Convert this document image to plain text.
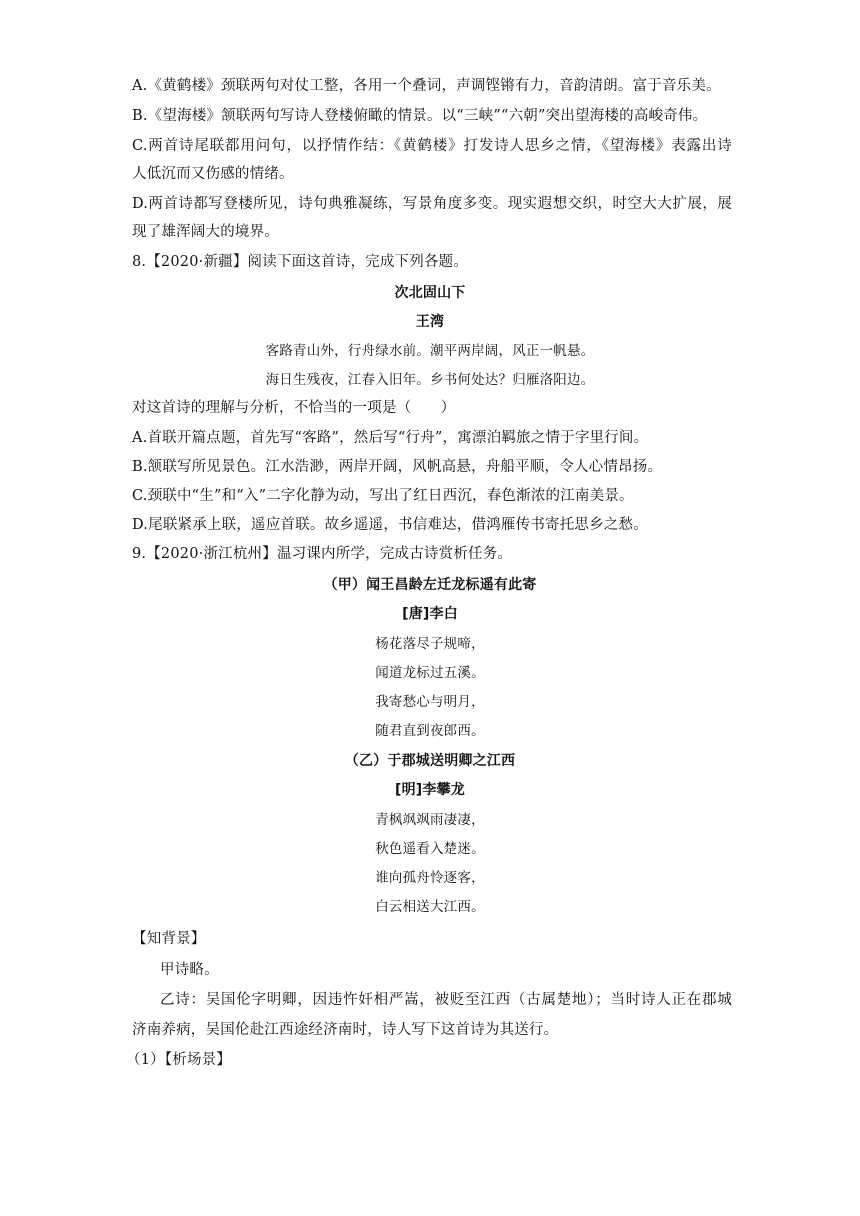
A.《黄鹤楼》颈联两句对仗工整，各用一个叠词，声调铿锵有力，音韵清朗。富于音乐美。
B.《望海楼》颔联两句写诗人登楼俯瞰的情景。以“三峡”“六朝”突出望海楼的高峻奇伟。
C.两首诗尾联都用问句，以抒情作结：《黄鹤楼》打发诗人思乡之情，《望海楼》表露出诗
人低沉而又伤感的情绪。
D.两首诗都写登楼所见，诗句典雅凝练，写景角度多变。现实遐想交织，时空大大扩展，展
现了雄浑阔大的境界。
8.【2020·新疆】阅读下面这首诗，完成下列各题。
次北固山下
王湾
客路青山外，行舟绿水前。潮平两岸阔，风正一帆悬。
海日生残夜，江春入旧年。乡书何处达？归雁洛阳边。
对这首诗的理解与分析，不恰当的一项是（　　）
A.首联开篇点题，首先写“客路”，然后写“行舟”，寓漂泊羁旅之情于字里行间。
B.颔联写所见景色。江水浩渺，两岸开阔，风帆高悬，舟船平顺，令人心情昂扬。
C.颈联中“生”和“入”二字化静为动，写出了红日西沉，春色渐浓的江南美景。
D.尾联紧承上联，遥应首联。故乡遥遥，书信难达，借鸿雁传书寄托思乡之愁。
9.【2020·浙江杭州】温习课内所学，完成古诗赏析任务。
（甲）闻王昌龄左迁龙标遥有此寄
[唐]李白
杨花落尽子规啼，
闻道龙标过五溪。
我寄愁心与明月，
随君直到夜郎西。
（乙）于郡城送明卿之江西
[明]李攀龙
青枫飒飒雨凄凄，
秋色遥看入楚迷。
谁向孤舟怜逐客，
白云相送大江西。
【知背景】
甲诗略。
乙诗：吴国伦字明卿，因违忤奸相严嵩，被贬至江西（古属楚地）；当时诗人正在郡城
济南养病，吴国伦赴江西途经济南时，诗人写下这首诗为其送行。
（1）【析场景】
